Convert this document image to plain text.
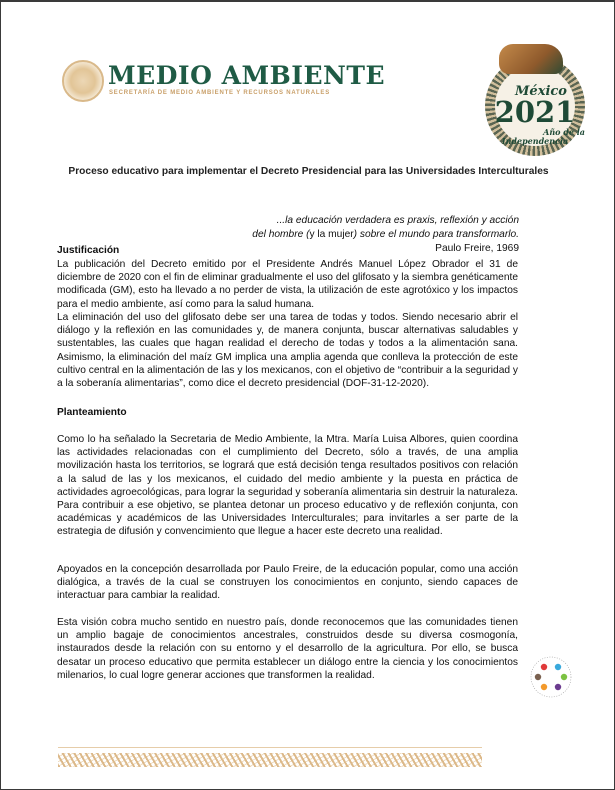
MEDIO AMBIENTE
SECRETARÍA DE MEDIO AMBIENTE Y RECURSOS NATURALES	México
2021
Año de la
Independencia
Proceso educativo para implementar el Decreto Presidencial para las Universidades Interculturales
...la educación verdadera es praxis, reflexión y acción
del hombre (y la mujer) sobre el mundo para transformarlo.
Paulo Freire, 1969
Justificación
La publicación del Decreto emitido por el Presidente Andrés Manuel López Obrador el 31 de diciembre de 2020 con el fin de eliminar gradualmente el uso del glifosato y la siembra genéticamente modificada (GM), esto ha llevado a no perder de vista, la utilización de este agrotóxico y los impactos para el medio ambiente, así como para la salud humana.
La eliminación del uso del glifosato debe ser una tarea de todas y todos. Siendo necesario abrir el diálogo y la reflexión en las comunidades y, de manera conjunta, buscar alternativas saludables y sustentables, las cuales que hagan realidad el derecho de todas y todos a la alimentación sana. Asimismo, la eliminación del maíz GM implica una amplia agenda que conlleva la protección de este cultivo central en la alimentación de las y los mexicanos, con el objetivo de “contribuir a la seguridad y a la soberanía alimentarias”, como dice el decreto presidencial (DOF-31-12-2020).
Planteamiento
Como lo ha señalado la Secretaria de Medio Ambiente, la Mtra. María Luisa Albores, quien coordina las actividades relacionadas con el cumplimiento del Decreto, sólo a través, de una amplia movilización hasta los territorios, se logrará que está decisión tenga resultados positivos con relación a la salud de las y los mexicanos, el cuidado del medio ambiente y la puesta en práctica de actividades agroecológicas, para lograr la seguridad y soberanía alimentaria sin destruir la naturaleza. Para contribuir a ese objetivo, se plantea detonar un proceso educativo y de reflexión conjunta, con académicas y académicos de las Universidades Interculturales; para invitarles a ser parte de la estrategia de difusión y convencimiento que llegue a hacer este decreto una realidad.
Apoyados en la concepción desarrollada por Paulo Freire, de la educación popular, como una acción dialógica, a través de la cual se construyen los conocimientos en conjunto, siendo capaces de interactuar para cambiar la realidad.
Esta visión cobra mucho sentido en nuestro país, donde reconocemos que las comunidades tienen un amplio bagaje de conocimientos ancestrales, construidos desde su diversa cosmogonía, instaurados desde la relación con su entorno y el desarrollo de la agricultura. Por ello, se busca desatar un proceso educativo que permita establecer un diálogo entre la ciencia y los conocimientos milenarios, lo cual logre generar acciones que transformen la realidad.
